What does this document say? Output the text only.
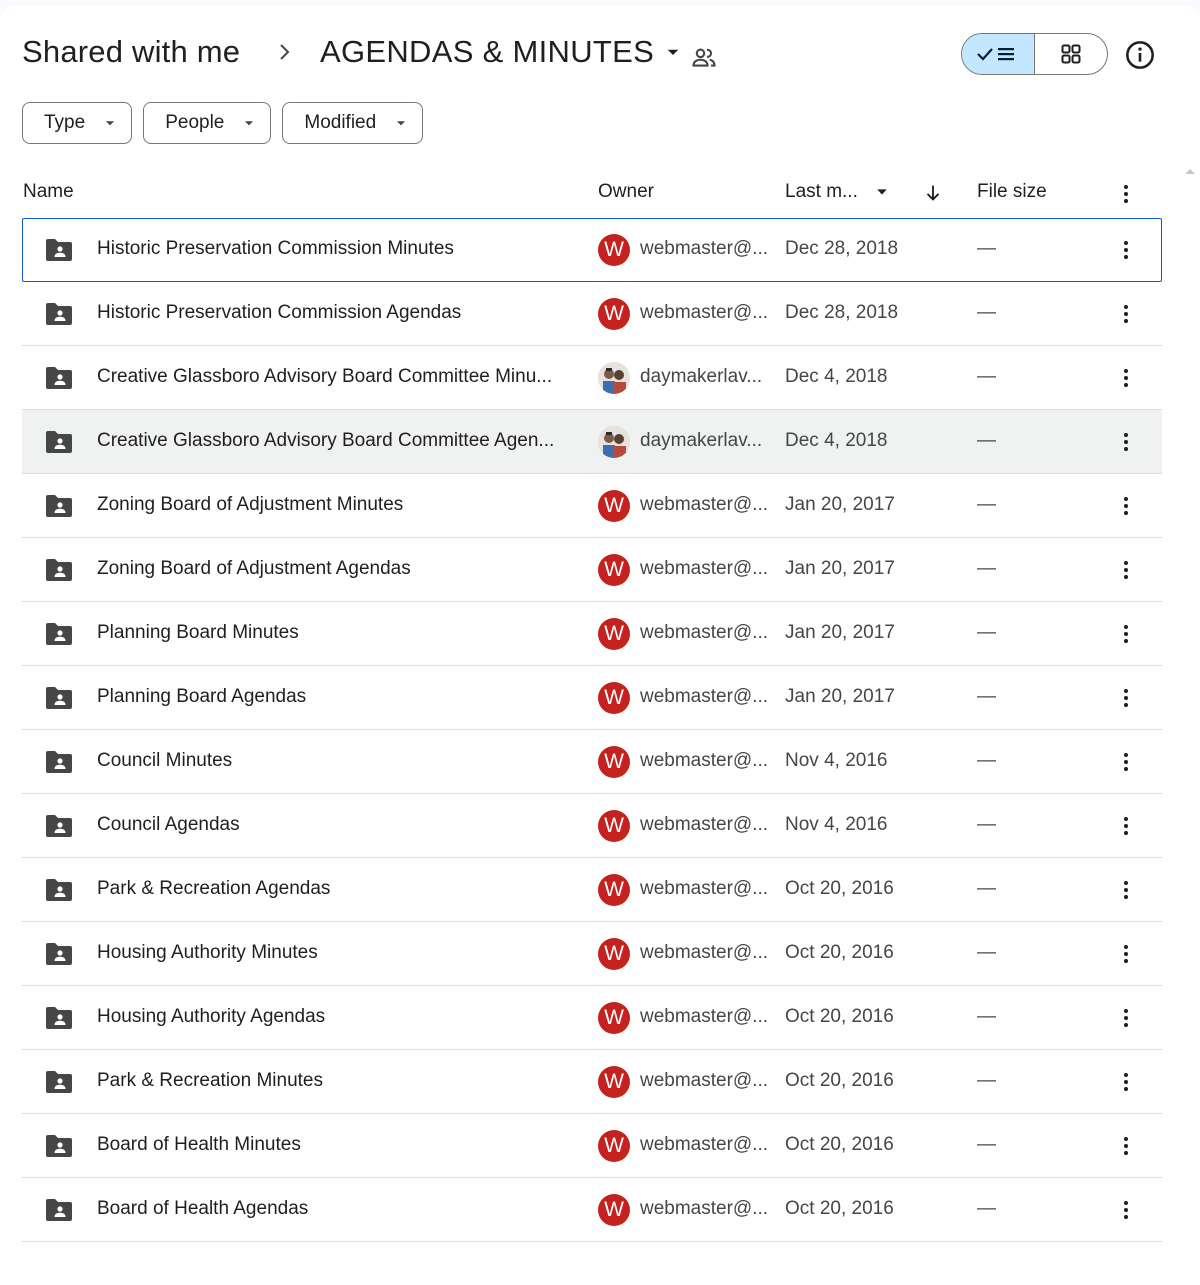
Shared with me	AGENDAS & MINUTES
Type	People	Modified
Name	Owner	Last m...	File size
Historic Preservation Commission Minutes	W webmaster@... Dec 28, 2018	—
Historic Preservation Commission Agendas	W webmaster@... Dec 28, 2018	—
Creative Glassboro Advisory Board Committee Minu...	daymakerlav... Dec 4, 2018	—
Creative Glassboro Advisory Board Committee Agen...	daymakerlav... Dec 4, 2018	—
Zoning Board of Adjustment Minutes	W webmaster@... Jan 20, 2017	—
Zoning Board of Adjustment Agendas	W webmaster@... Jan 20, 2017	—
Planning Board Minutes	W webmaster@... Jan 20, 2017	—
Planning Board Agendas	W webmaster@... Jan 20, 2017	—
Council Minutes	W webmaster@... Nov 4, 2016	—
Council Agendas	W webmaster@... Nov 4, 2016	—
Park & Recreation Agendas	W webmaster@... Oct 20, 2016	—
Housing Authority Minutes	W webmaster@... Oct 20, 2016	—
Housing Authority Agendas	W webmaster@... Oct 20, 2016	—
Park & Recreation Minutes	W webmaster@... Oct 20, 2016	—
Board of Health Minutes	W webmaster@... Oct 20, 2016	—
Board of Health Agendas	W webmaster@... Oct 20, 2016	—
